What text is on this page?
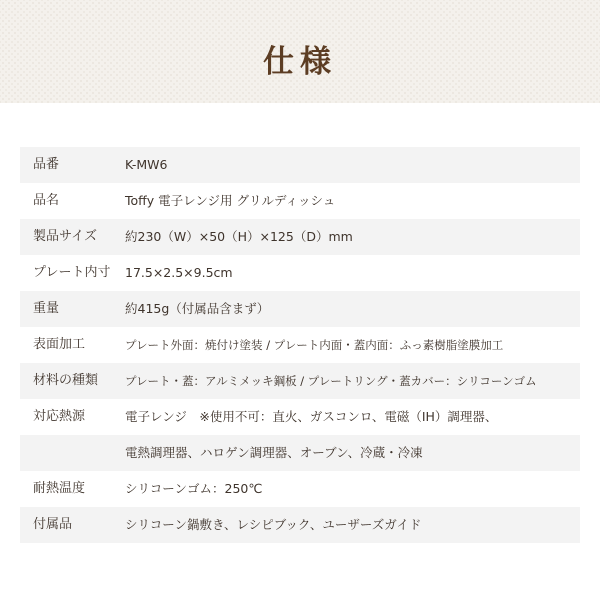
仕様
品番	K-MW6
品名	Toffy 電子レンジ用 グリルディッシュ
製品サイズ 約230（W）×50（H）×125（D）mm
プレート内寸 17.5×2.5×9.5cm
重量	約415g（付属品含まず）
表面加工	プレート外面：焼付け塗装 / プレート内面・蓋内面：ふっ素樹脂塗膜加工
材料の種類 プレート・蓋：アルミメッキ鋼板 / プレートリング・蓋カバー：シリコーンゴム
対応熱源	電子レンジ　※使用不可：直火、ガスコンロ、電磁（IH）調理器、
電熱調理器、ハロゲン調理器、オーブン、冷蔵・冷凍
耐熱温度	シリコーンゴム：250℃
付属品	シリコーン鍋敷き、レシピブック、ユーザーズガイド
